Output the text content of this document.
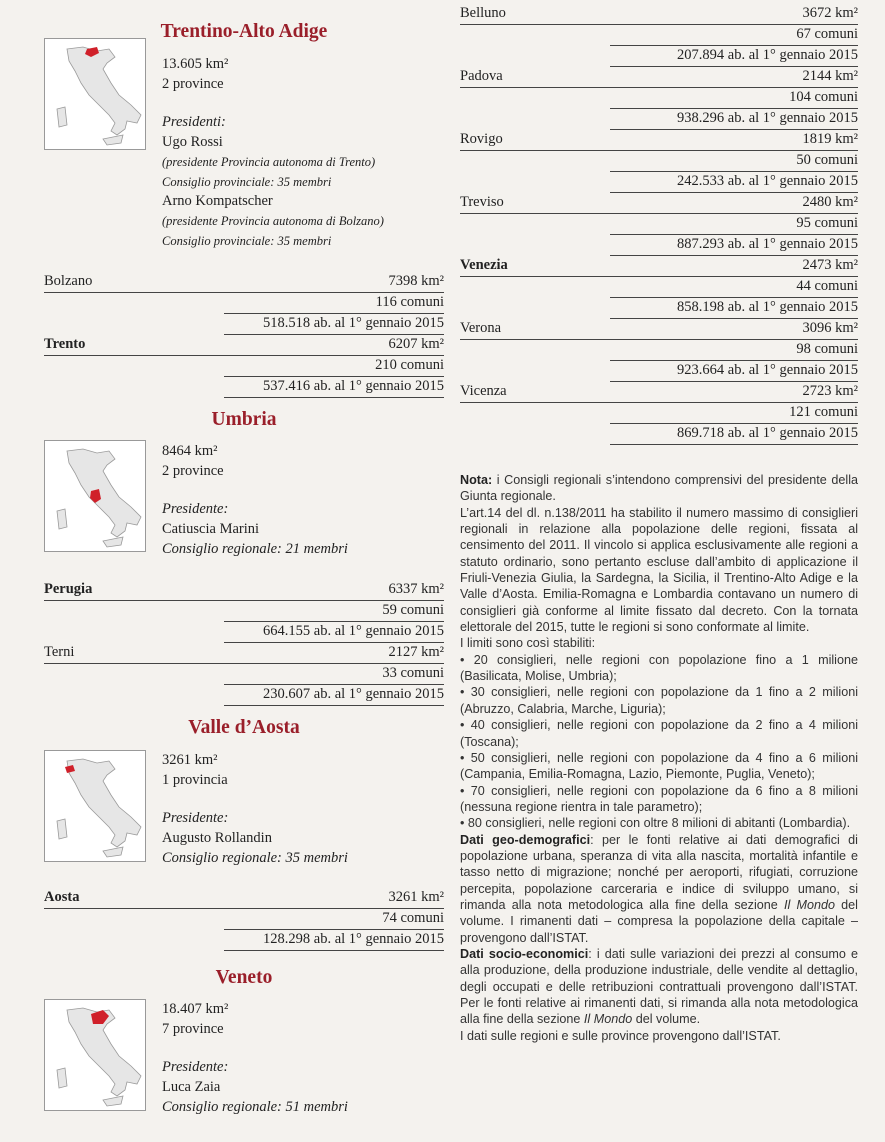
Trentino-Alto Adige
13.605 km²
2 province
Presidenti:
Ugo Rossi
(presidente Provincia autonoma di Trento)
Consiglio provinciale: 35 membri
Arno Kompatscher
(presidente Provincia autonoma di Bolzano)
Consiglio provinciale: 35 membri
Bolzano	7398 km²
116 comuni
518.518 ab. al 1° gennaio 2015
Trento	6207 km²
210 comuni
537.416 ab. al 1° gennaio 2015
Umbria
8464 km²
2 province
Presidente:
Catiuscia Marini
Consiglio regionale: 21 membri
Perugia	6337 km²
59 comuni
664.155 ab. al 1° gennaio 2015
Terni	2127 km²
33 comuni
230.607 ab. al 1° gennaio 2015
Valle d’Aosta
3261 km²
1 provincia
Presidente:
Augusto Rollandin
Consiglio regionale: 35 membri
Aosta	3261 km²
74 comuni
128.298 ab. al 1° gennaio 2015
Veneto
18.407 km²
7 province
Presidente:
Luca Zaia
Consiglio regionale: 51 membri
Belluno	3672 km²
67 comuni
207.894 ab. al 1° gennaio 2015
Padova	2144 km²
104 comuni
938.296 ab. al 1° gennaio 2015
Rovigo	1819 km²
50 comuni
242.533 ab. al 1° gennaio 2015
Treviso	2480 km²
95 comuni
887.293 ab. al 1° gennaio 2015
Venezia	2473 km²
44 comuni
858.198 ab. al 1° gennaio 2015
Verona	3096 km²
98 comuni
923.664 ab. al 1° gennaio 2015
Vicenza	2723 km²
121 comuni
869.718 ab. al 1° gennaio 2015

Nota: i Consigli regionali s’intendono comprensivi del presidente della Giunta regionale.

L’art.14 del dl. n.138/2011 ha stabilito il numero massimo di consiglieri regionali in relazione alla popolazione delle regioni, fissata al censimento del 2011. Il vincolo si applica esclusivamente alle regioni a statuto ordinario, sono pertanto escluse dall’ambito di applicazione il Friuli-Venezia Giulia, la Sardegna, la Sicilia, il Trentino-Alto Adige e la Valle d’Aosta. Emilia-Romagna e Lombardia contavano un numero di consiglieri già conforme al limite fissato dal decreto. Con la tornata elettorale del 2015, tutte le regioni si sono conformate al limite.

I limiti sono così stabiliti:

• 20 consiglieri, nelle regioni con popolazione fino a 1 milione (Basilicata, Molise, Umbria);

• 30 consiglieri, nelle regioni con popolazione da 1 fino a 2 milioni (Abruzzo, Calabria, Marche, Liguria);

• 40 consiglieri, nelle regioni con popolazione da 2 fino a 4 milioni (Toscana);

• 50 consiglieri, nelle regioni con popolazione da 4 fino a 6 milioni (Campania, Emilia-Romagna, Lazio, Piemonte, Puglia, Veneto);

• 70 consiglieri, nelle regioni con popolazione da 6 fino a 8 milioni (nessuna regione rientra in tale parametro);

• 80 consiglieri, nelle regioni con oltre 8 milioni di abitanti (Lombardia).

Dati geo-demografici: per le fonti relative ai dati demografici di popolazione urbana, speranza di vita alla nascita, mortalità infantile e tasso netto di migrazione; nonché per aeroporti, rifugiati, corruzione percepita, popolazione carceraria e indice di sviluppo umano, si rimanda alla nota metodologica alla fine della sezione Il Mondo del volume. I rimanenti dati – compresa la popolazione della capitale – provengono dall’ISTAT.

Dati socio-economici: i dati sulle variazioni dei prezzi al consumo e alla produzione, della produzione industriale, delle vendite al dettaglio, degli occupati e delle retribuzioni contrattuali provengono dall’ISTAT. Per le fonti relative ai rimanenti dati, si rimanda alla nota metodologica alla fine della sezione Il Mondo del volume.

I dati sulle regioni e sulle province provengono dall’ISTAT.
